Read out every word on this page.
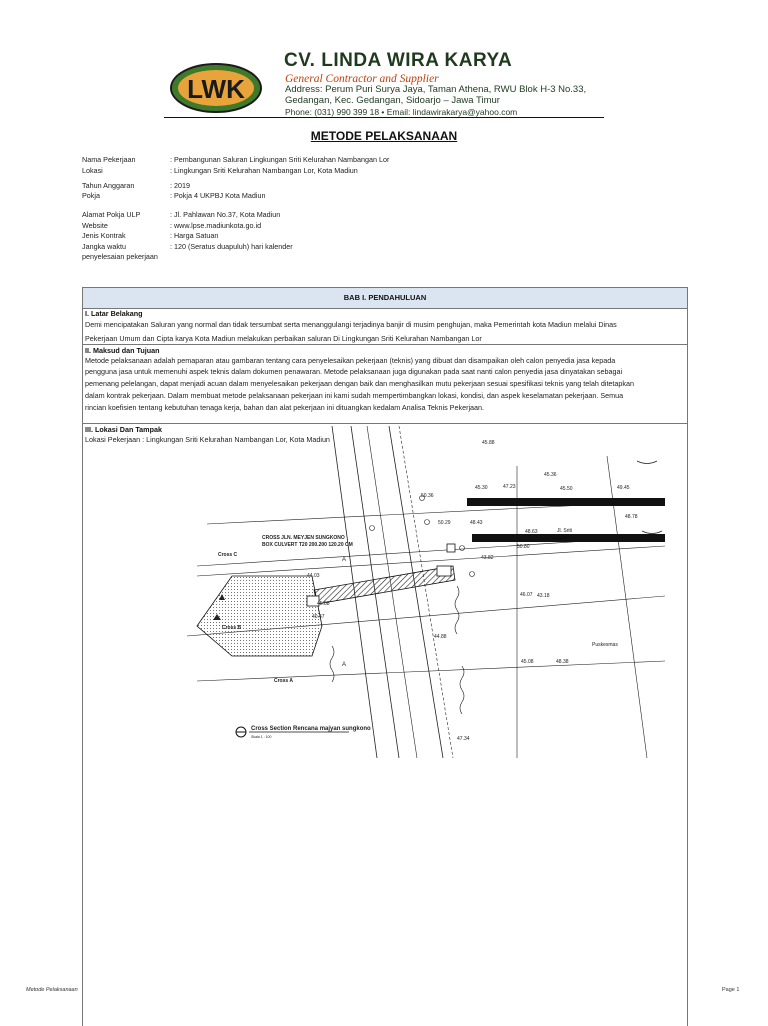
LWK
CV. LINDA WIRA KARYA
General Contractor and Supplier
Address: Perum Puri Surya Jaya, Taman Athena, RWU Blok H-3 No.33,
Gedangan, Kec. Gedangan, Sidoarjo – Jawa Timur
Phone: (031) 990 399 18 • Email: lindawirakarya@yahoo.com
METODE PELAKSANAAN
Nama Pekerjaan	: Pembangunan Saluran Lingkungan Sriti Kelurahan Nambangan Lor
Lokasi	: Lingkungan Sriti Kelurahan Nambangan Lor, Kota Madiun
Tahun Anggaran	: 2019
Pokja	: Pokja 4 UKPBJ Kota Madiun
Alamat Pokja ULP	: Jl. Pahlawan No.37, Kota Madiun
Website	: www.lpse.madiunkota.go.id
Jenis Kontrak	: Harga Satuan
Jangka waktu	: 120 (Seratus duapuluh) hari kalender
penyelesaian pekerjaan
BAB I. PENDAHULUAN
I. Latar Belakang
Demi mencipatakan Saluran yang normal dan tidak tersumbat serta menanggulangi terjadinya banjir di musim penghujan, maka Pemerintah kota Madiun melalui Dinas
Pekerjaan Umum dan Cipta karya Kota Madiun melakukan perbaikan saluran Di Lingkungan Sriti Kelurahan Nambangan Lor
II. Maksud dan Tujuan
Metode pelaksanaan adalah pemaparan atau gambaran tentang cara penyelesaikan pekerjaan (teknis) yang dibuat dan disampaikan oleh calon penyedia jasa kepada
pengguna jasa untuk memenuhi aspek teknis dalam dokumen penawaran. Metode pelaksanaan juga digunakan pada saat nanti calon penyedia jasa dinyatakan sebagai
pemenang pelelangan, dapat menjadi acuan dalam menyelesaikan pekerjaan dengan baik dan menghasilkan mutu pekerjaan sesuai spesifikasi teknis yang telah ditetapkan
dalam kontrak pekerjaan. Dalam membuat metode pelaksanaan pekerjaan ini kami sudah mempertimbangkan lokasi, kondisi, dan aspek keselamatan pekerjaan. Semua
rincian koefisien tentang kebutuhan tenaga kerja, bahan dan alat pekerjaan ini dituangkan kedalam Analisa Teknis Pekerjaan.
III. Lokasi Dan Tampak
Lokasi Pekerjaan : Lingkungan Sriti Kelurahan Nambangan Lor, Kota Madiun
CROSS JLN. MEYJEN SUNGKONO
BOX CULVERT T20 200.200 120.20 CM
Jl. Sriti
Puskesmas
Cross A
Cross B
Cross C
Cross Section Rencana majyan sungkono
Skala 1 : 100
A
A
45.88
45.36
45.30	47.23	45.50	49.45
50.36
50.29	48.43
48.78
48.63
50.80
43.82
44.03
45.88
46.07 43.18
40.47
44.88
45.08	48.38
47.34
Metode Pelaksanaan	Page 1
